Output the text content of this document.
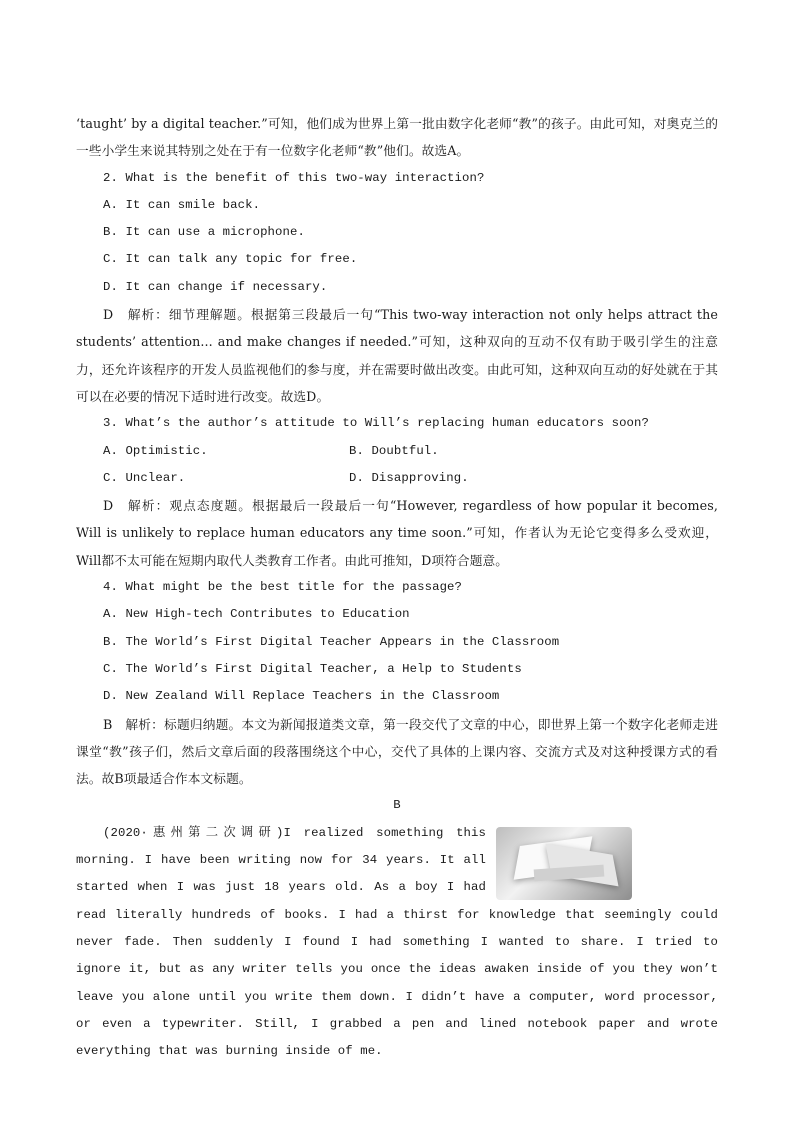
‘taught’ by a digital teacher.”可知，他们成为世界上第一批由数字化老师“教”的孩子。由此可知，对奥克兰的一些小学生来说其特别之处在于有一位数字化老师“教”他们。故选A。

2. What is the benefit of this two-way interaction?

A. It can smile back.

B. It can use a microphone.

C. It can talk any topic for free.

D. It can change if necessary.

D　解析：细节理解题。根据第三段最后一句“This two-way interaction not only helps attract the students’ attention... and make changes if needed.”可知，这种双向的互动不仅有助于吸引学生的注意力，还允许该程序的开发人员监视他们的参与度，并在需要时做出改变。由此可知，这种双向互动的好处就在于其可以在必要的情况下适时进行改变。故选D。

3. What’s the author’s attitude to Will’s replacing human educators soon?

A. Optimistic.	B. Doubtful.

C. Unclear.	D. Disapproving.

D　解析：观点态度题。根据最后一段最后一句“However, regardless of how popular it becomes, Will is unlikely to replace human educators any time soon.”可知，作者认为无论它变得多么受欢迎，Will都不太可能在短期内取代人类教育工作者。由此可推知，D项符合题意。

4. What might be the best title for the passage?

A. New High-tech Contributes to Education

B. The World’s First Digital Teacher Appears in the Classroom

C. The World’s First Digital Teacher, a Help to Students

D. New Zealand Will Replace Teachers in the Classroom

B　解析：标题归纳题。本文为新闻报道类文章，第一段交代了文章的中心，即世界上第一个数字化老师走进课堂“教”孩子们，然后文章后面的段落围绕这个中心，交代了具体的上课内容、交流方式及对这种授课方式的看法。故B项最适合作本文标题。

B

(2020·惠州第二次调研)I realized something this morning. I have been writing now for 34 years. It all started when I was just 18 years old. As a boy I had read literally hundreds of books. I had a thirst for knowledge that seemingly could never fade. Then suddenly I found I had something I wanted to share. I tried to ignore it, but as any writer tells you once the ideas awaken inside of you they won’t leave you alone until you write them down. I didn’t have a computer, word processor, or even a typewriter. Still, I grabbed a pen and lined notebook paper and wrote everything that was burning inside of me.
